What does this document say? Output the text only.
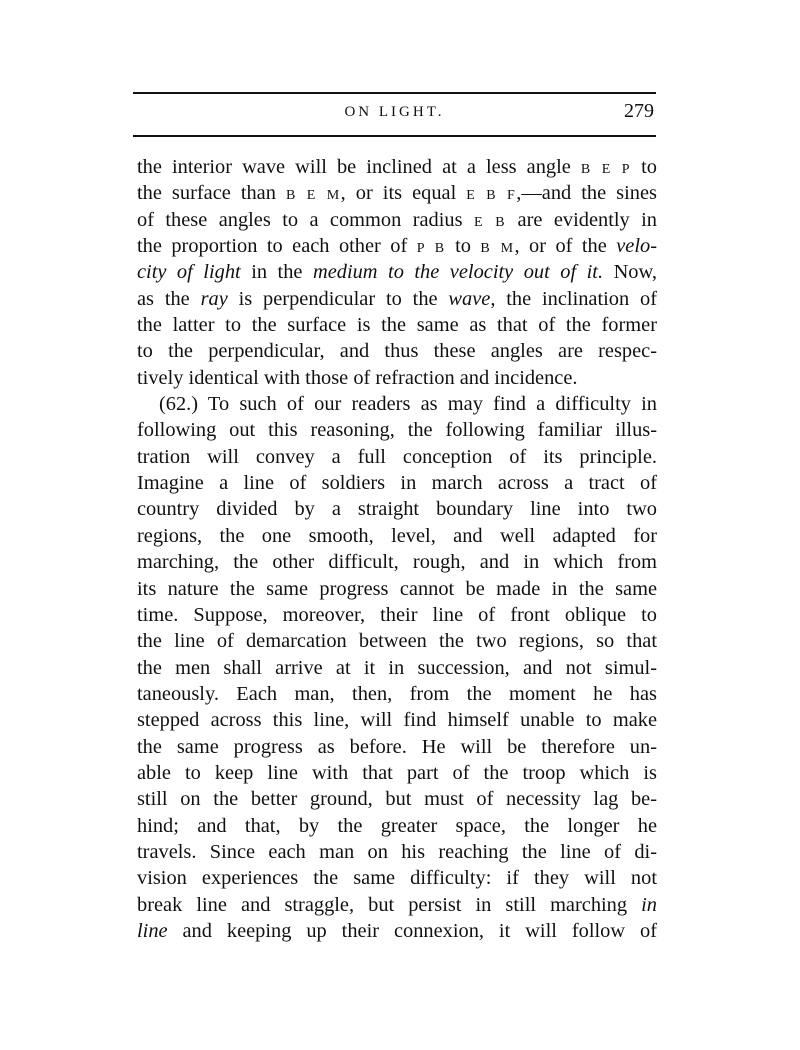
ON LIGHT.	279
the interior wave will be inclined at a less angle B E P to
the surface than B E M, or its equal E B F,—and the sines
of these angles to a common radius E B are evidently in
the proportion to each other of P B to B M, or of the velo-
city of light in the medium to the velocity out of it. Now,
as the ray is perpendicular to the wave, the inclination of
the latter to the surface is the same as that of the former
to the perpendicular, and thus these angles are respec-
tively identical with those of refraction and incidence.
(62.) To such of our readers as may find a difficulty in
following out this reasoning, the following familiar illus-
tration will convey a full conception of its principle.
Imagine a line of soldiers in march across a tract of
country divided by a straight boundary line into two
regions, the one smooth, level, and well adapted for
marching, the other difficult, rough, and in which from
its nature the same progress cannot be made in the same
time. Suppose, moreover, their line of front oblique to
the line of demarcation between the two regions, so that
the men shall arrive at it in succession, and not simul-
taneously. Each man, then, from the moment he has
stepped across this line, will find himself unable to make
the same progress as before. He will be therefore un-
able to keep line with that part of the troop which is
still on the better ground, but must of necessity lag be-
hind; and that, by the greater space, the longer he
travels. Since each man on his reaching the line of di-
vision experiences the same difficulty: if they will not
break line and straggle, but persist in still marching in
line and keeping up their connexion, it will follow of
